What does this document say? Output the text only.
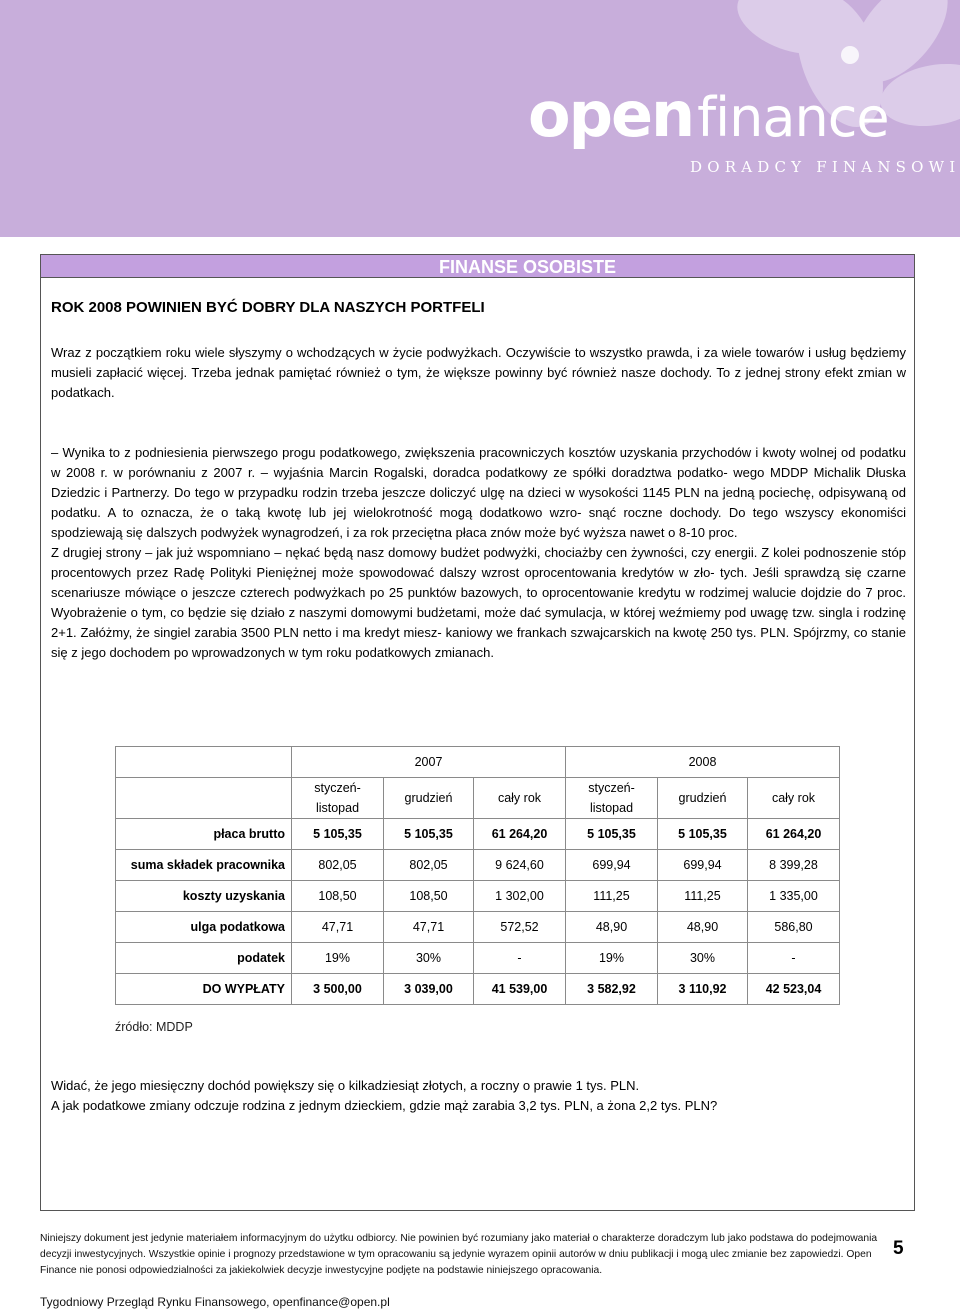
openfinance
DORADCY FINANSOWI
FINANSE OSOBISTE
ROK 2008 POWINIEN BYĆ DOBRY DLA NASZYCH PORTFELI
Wraz z początkiem roku wiele słyszymy o wchodzących w życie podwyżkach. Oczywiście to wszystko prawda, i za wiele towarów i usług będziemy musieli zapłacić więcej. Trzeba jednak pamiętać również o tym, że większe powinny być również nasze dochody. To z jednej strony efekt zmian w podatkach.
– Wynika to z podniesienia pierwszego progu podatkowego, zwiększenia pracowniczych kosztów uzyskania przychodów i kwoty wolnej od podatku w 2008 r. w porównaniu z 2007 r. – wyjaśnia Marcin Rogalski, doradca podatkowy ze spółki doradztwa podatko- wego MDDP Michalik Dłuska Dziedzic i Partnerzy. Do tego w przypadku rodzin trzeba jeszcze doliczyć ulgę na dzieci w wysokości 1145 PLN na jedną pociechę, odpisywaną od podatku. A to oznacza, że o taką kwotę lub jej wielokrotność mogą dodatkowo wzro- snąć roczne dochody. Do tego wszyscy ekonomiści spodziewają się dalszych podwyżek wynagrodzeń, i za rok przeciętna płaca znów może być wyższa nawet o 8-10 proc.
Z drugiej strony – jak już wspomniano – nękać będą nasz domowy budżet podwyżki, chociażby cen żywności, czy energii. Z kolei podnoszenie stóp procentowych przez Radę Polityki Pieniężnej może spowodować dalszy wzrost oprocentowania kredytów w zło- tych. Jeśli sprawdzą się czarne scenariusze mówiące o jeszcze czterech podwyżkach po 25 punktów bazowych, to oprocentowanie kredytu w rodzimej walucie dojdzie do 7 proc. Wyobrażenie o tym, co będzie się działo z naszymi domowymi budżetami, może dać symulacja, w której weźmiemy pod uwagę tzw. singla i rodzinę 2+1. Załóżmy, że singiel zarabia 3500 PLN netto i ma kredyt miesz- kaniowy we frankach szwajcarskich na kwotę 250 tys. PLN. Spójrzmy, co stanie się z jego dochodem po wprowadzonych w tym roku podatkowych zmianach.
	2007			2008		
	styczeń-listopad	grudzień	cały rok	styczeń-listopad	grudzień	cały rok
płaca brutto	5 105,35	5 105,35	61 264,20	5 105,35	5 105,35	61 264,20
suma składek pracownika	802,05	802,05	9 624,60	699,94	699,94	8 399,28
koszty uzyskania	108,50	108,50	1 302,00	111,25	111,25	1 335,00
ulga podatkowa	47,71	47,71	572,52	48,90	48,90	586,80
podatek	19%	30%	-	19%	30%	-
DO WYPŁATY	3 500,00	3 039,00	41 539,00	3 582,92	3 110,92	42 523,04
źródło: MDDP
Widać, że jego miesięczny dochód powiększy się o kilkadziesiąt złotych, a roczny o prawie 1 tys. PLN.
A jak podatkowe zmiany odczuje rodzina z jednym dzieckiem, gdzie mąż zarabia 3,2 tys. PLN, a żona 2,2 tys. PLN?
Niniejszy dokument jest jedynie materiałem informacyjnym do użytku odbiorcy. Nie powinien być rozumiany jako materiał o charakterze doradczym lub jako podstawa do podejmowania decyzji inwestycyjnych. Wszystkie opinie i prognozy przedstawione w tym opracowaniu są jedynie wyrazem opinii autorów w dniu publikacji i mogą ulec zmianie bez zapowiedzi. Open Finance nie ponosi odpowiedzialności za jakiekolwiek decyzje inwestycyjne podjęte na podstawie niniejszego opracowania.
5
Tygodniowy Przegląd Rynku Finansowego, openfinance@open.pl
